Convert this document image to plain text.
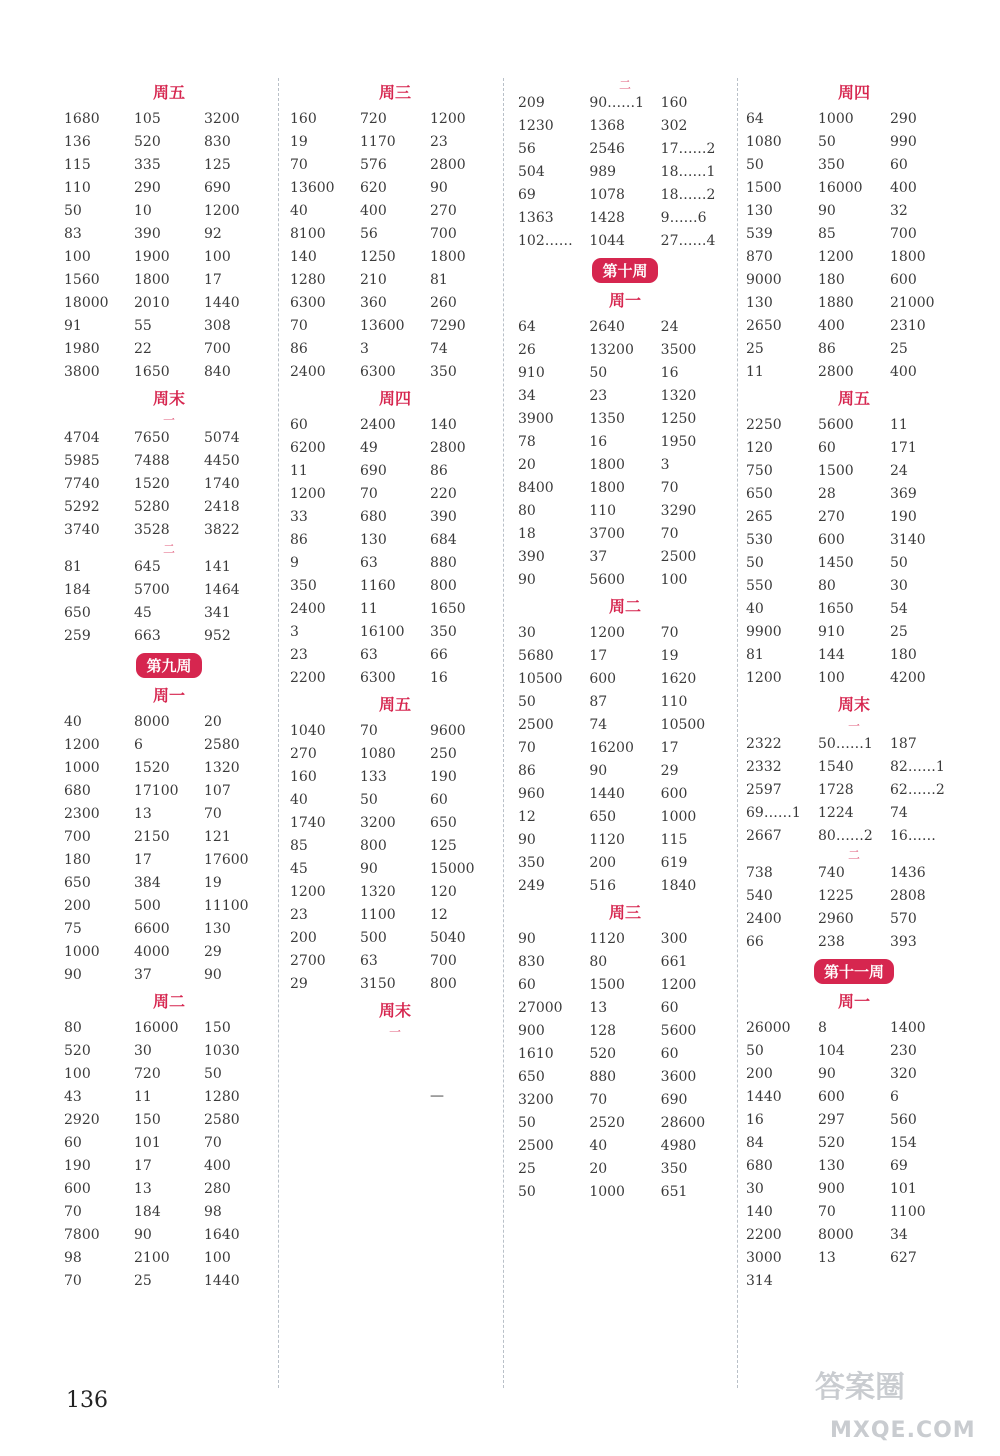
周五
1680	105	3200
136	520	830
115	335	125
110	290	690
50	10	1200
83	390	92
100	1900	100
1560	1800	17
18000	2010	1440
91	55	308
1980	22	700
3800	1650	840
周末
一
4704	7650	5074
5985	7488	4450
7740	1520	1740
5292	5280	2418
3740	3528	3822
二
81	645	141
184	5700	1464
650	45	341
259	663	952
第九周
周一
40	8000	20
1200	6	2580
1000	1520	1320
680	17100	107
2300	13	70
700	2150	121
180	17	17600
650	384	19
200	500	11100
75	6600	130
1000	4000	29
90	37	90
周二
80	16000	150
520	30	1030
100	720	50
43	11	1280
2920	150	2580
60	101	70
190	17	400
600	13	280
70	184	98
7800	90	1640
98	2100	100
70	25	1440
周三
160	720	1200
19	1170	23
70	576	2800
13600	620	90
40	400	270
8100	56	700
140	1250	1800
1280	210	81
6300	360	260
70	13600	7290
86	3	74
2400	6300	350
周四
60	2400	140
6200	49	2800
11	690	86
1200	70	220
33	680	390
86	130	684
9	63	880
350	1160	800
2400	11	1650
3	16100	350
23	63	66
2200	6300	16
周五
1040	70	9600
270	1080	250
160	133	190
40	50	60
1740	3200	650
85	800	125
45	90	15000
1200	1320	120
23	1100	12
200	500	5040
2700	63	700
29	3150	800
周末
一
—
二
209	90……1	160
1230	1368	302
56	2546	17……2
504	989	18……1
69	1078	18……2
1363	1428	9……6
102……	1044	27……4
第十周
周一
64	2640	24
26	13200	3500
910	50	16
34	23	1320
3900	1350	1250
78	16	1950
20	1800	3
8400	1800	70
80	110	3290
18	3700	70
390	37	2500
90	5600	100
周二
30	1200	70
5680	17	19
10500	600	1620
50	87	110
2500	74	10500
70	16200	17
86	90	29
960	1440	600
12	650	1000
90	1120	115
350	200	619
249	516	1840
周三
90	1120	300
830	80	661
60	1500	1200
27000	13	60
900	128	5600
1610	520	60
650	880	3600
3200	70	690
50	2520	28600
2500	40	4980
25	20	350
50	1000	651
周四
64	1000	290
1080	50	990
50	350	60
1500	16000	400
130	90	32
539	85	700
870	1200	1800
9000	180	600
130	1880	21000
2650	400	2310
25	86	25
11	2800	400
周五
2250	5600	11
120	60	171
750	1500	24
650	28	369
265	270	190
530	600	3140
50	1450	50
550	80	30
40	1650	54
9900	910	25
81	144	180
1200	100	4200
周末
一
2322	50……1	187
2332	1540	82……1
2597	1728	62……2
69……1	1224	74
2667	80……2	16……
二
738	740	1436
540	1225	2808
2400	2960	570
66	238	393
第十一周
周一
26000	8	1400
50	104	230
200	90	320
1440	600	6
16	297	560
84	520	154
680	130	69
30	900	101
140	70	1100
2200	8000	34
3000	13	627
314
136	答案圈
MXQE.COM
